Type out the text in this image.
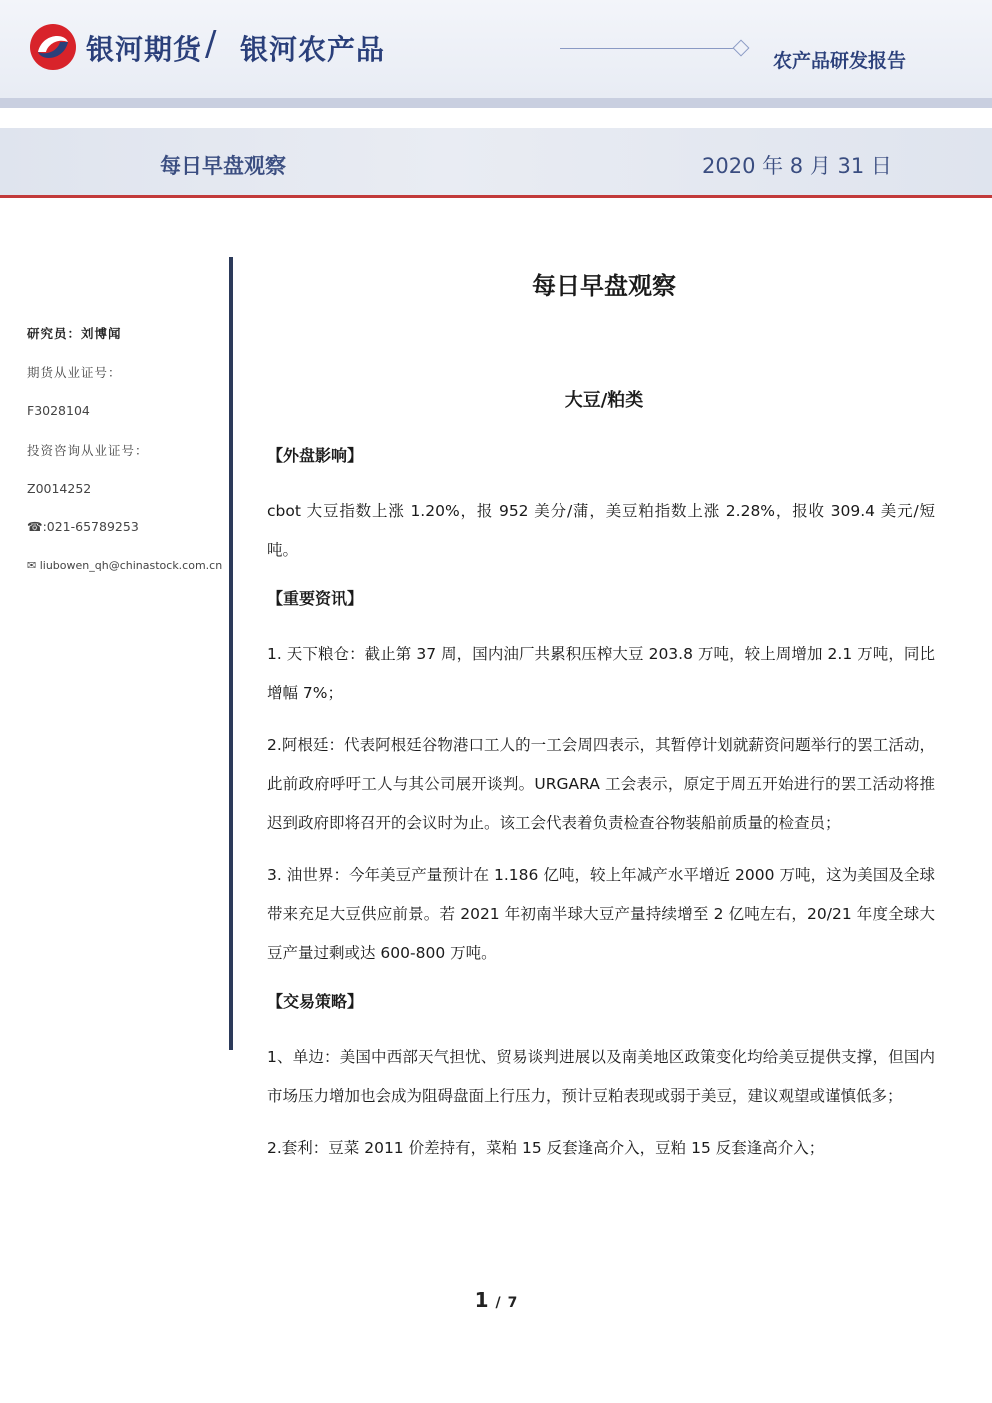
银河期货 / 银河农产品	农产品研发报告
每日早盘观察	2020 年 8 月 31 日
研究员：刘博闻
期货从业证号：
F3028104
投资咨询从业证号：
Z0014252
☎:021-65789253
✉ liubowen_qh@chinastock.com.cn
每日早盘观察
大豆/粕类

【外盘影响】

cbot 大豆指数上涨 1.20%，报 952 美分/蒲，美豆粕指数上涨 2.28%，报收 309.4 美元/短吨。

【重要资讯】

1. 天下粮仓：截止第 37 周，国内油厂共累积压榨大豆 203.8 万吨，较上周增加 2.1 万吨，同比增幅 7%；

2.阿根廷：代表阿根廷谷物港口工人的一工会周四表示，其暂停计划就薪资问题举行的罢工活动，此前政府呼吁工人与其公司展开谈判。URGARA 工会表示，原定于周五开始进行的罢工活动将推迟到政府即将召开的会议时为止。该工会代表着负责检查谷物装船前质量的检查员；

3. 油世界：今年美豆产量预计在 1.186 亿吨，较上年减产水平增近 2000 万吨，这为美国及全球带来充足大豆供应前景。若 2021 年初南半球大豆产量持续增至 2 亿吨左右，20/21 年度全球大豆产量过剩或达 600-800 万吨。

【交易策略】

1、单边：美国中西部天气担忧、贸易谈判进展以及南美地区政策变化均给美豆提供支撑，但国内市场压力增加也会成为阻碍盘面上行压力，预计豆粕表现或弱于美豆，建议观望或谨慎低多；

2.套利：豆菜 2011 价差持有，菜粕 15 反套逢高介入，豆粕 15 反套逢高介入；

1 / 7
